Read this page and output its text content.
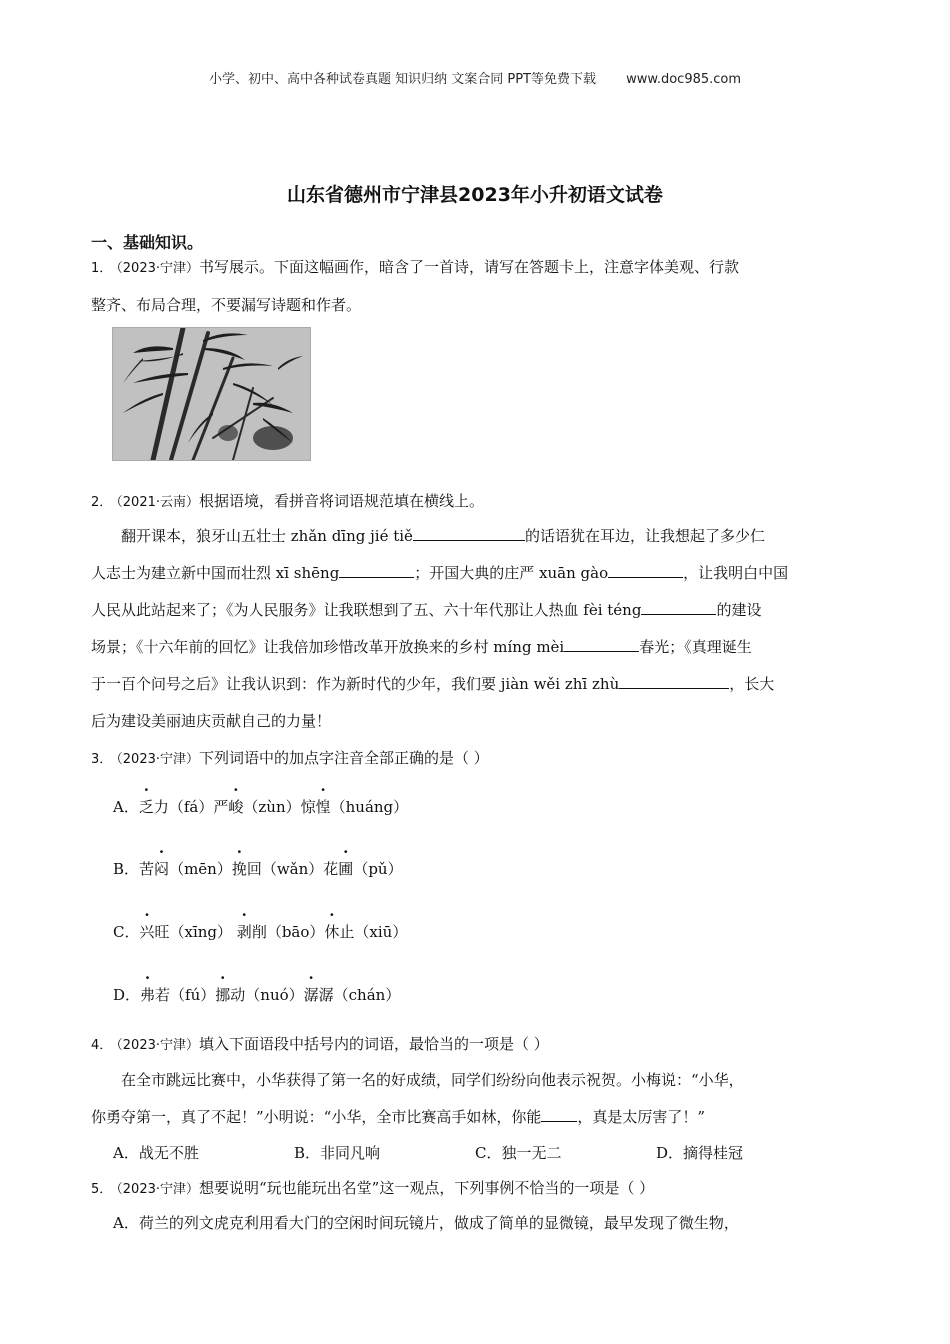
小学、初中、高中各种试卷真题 知识归纳 文案合同 PPT等免费下载 www.doc985.com
山东省德州市宁津县2023年小升初语文试卷
一、基础知识。
1． （2023·宁津）书写展示。下面这幅画作，暗含了一首诗，请写在答题卡上，注意字体美观、行款
整齐、布局合理，不要漏写诗题和作者。
2． （2021·云南）根据语境，看拼音将词语规范填在横线上。
翻开课本，狼牙山五壮士 zhǎn dīng jié tiě	的话语犹在耳边，让我想起了多少仁
人志士为建立新中国而壮烈 xī shēng	；开国大典的庄严 xuān gào	，让我明白中国
人民从此站起来了；《为人民服务》让我联想到了五、六十年代那让人热血 fèi téng	的建设
场景；《十六年前的回忆》让我倍加珍惜改革开放换来的乡村 míng mèi	春光；《真理诞生
于一百个问号之后》让我认识到：作为新时代的少年，我们要 jiàn wěi zhī zhù	，长大
后为建设美丽迪庆贡献自己的力量！
3． （2023·宁津）下列词语中的加点字注音全部正确的是（ ）
A．乏力（fá）严峻（zùn）惊惶（huáng）
B．苦闷（mēn）挽回（wǎn）花圃（pǔ）
C．兴旺（xīng） 剥削（bāo）休止（xiū）
D．弗若（fú）挪动（nuó）潺潺（chán）
4． （2023·宁津）填入下面语段中括号内的词语，最恰当的一项是（ ）
在全市跳远比赛中，小华获得了第一名的好成绩，同学们纷纷向他表示祝贺。小梅说：“小华，
你勇夺第一，真了不起！”小明说：“小华，全市比赛高手如林，你能 ，真是太厉害了！”
A．战无不胜	B．非同凡响	C．独一无二	D．摘得桂冠
5． （2023·宁津）想要说明“玩也能玩出名堂”这一观点，下列事例不恰当的一项是（ ）
A．荷兰的列文虎克利用看大门的空闲时间玩镜片，做成了简单的显微镜，最早发现了微生物，
